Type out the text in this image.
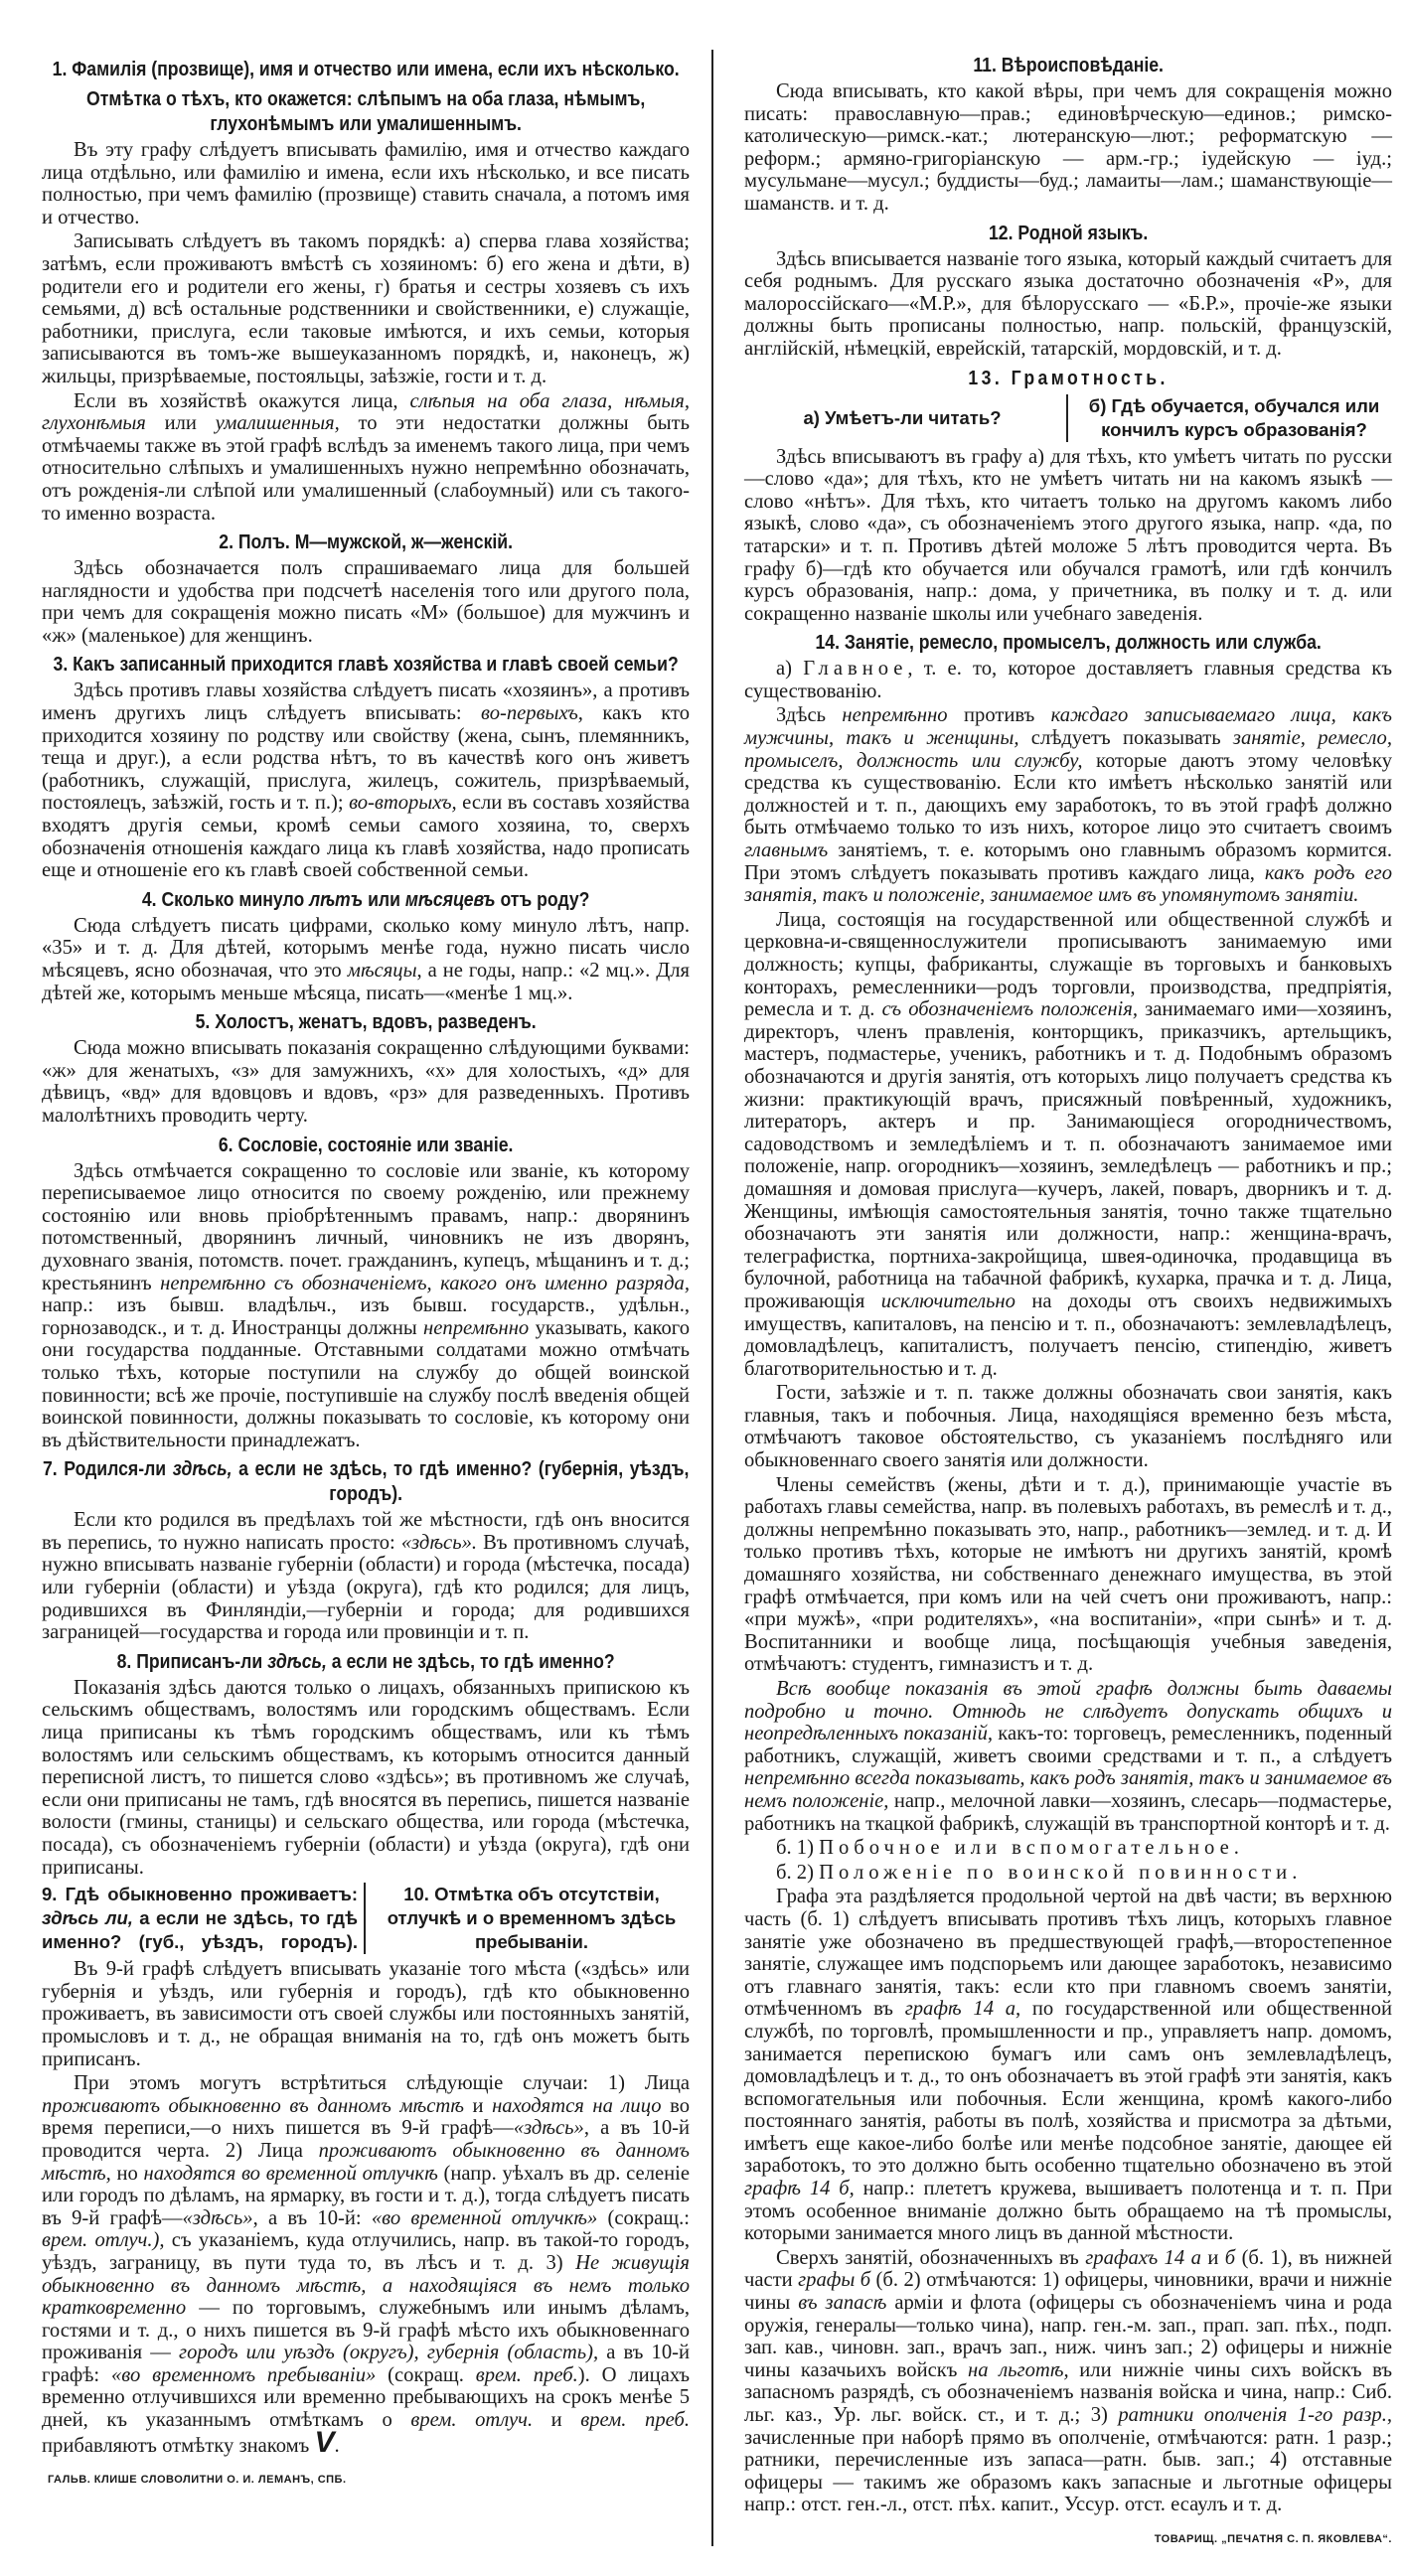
1. Фамилія (прозвище), имя и отчество или имена, если ихъ нѣсколько.
Отмѣтка о тѣхъ, кто окажется: слѣпымъ на оба глаза, нѣмымъ, глухонѣмымъ или умалишеннымъ.

Въ эту графу слѣдуетъ вписывать фамилію, имя и отчество каждаго лица отдѣльно, или фамилію и имена, если ихъ нѣсколько, и все писать полностью, при чемъ фамилію (прозвище) ставить сначала, а потомъ имя и отчество.

Записывать слѣдуетъ въ такомъ порядкѣ: а) сперва глава хозяйства; затѣмъ, если проживаютъ вмѣстѣ съ хозяиномъ: б) его жена и дѣти, в) родители его и родители его жены, г) братья и сестры хозяевъ съ ихъ семьями, д) всѣ остальные родственники и свойственники, е) служащіе, работники, прислуга, если таковые имѣются, и ихъ семьи, которыя записываются въ томъ-же вышеуказанномъ порядкѣ, и, наконецъ, ж) жильцы, призрѣваемые, постояльцы, заѣзжіе, гости и т. д.

Если въ хозяйствѣ окажутся лица, слѣпыя на оба глаза, нѣмыя, глухонѣмыя или умалишенныя, то эти недостатки должны быть отмѣчаемы также въ этой графѣ вслѣдъ за именемъ такого лица, при чемъ относительно слѣпыхъ и умалишенныхъ нужно непремѣнно обозначать, отъ рожденія-ли слѣпой или умалишенный (слабоумный) или съ такого-то именно возраста.

2. Полъ. М—мужской, ж—женскій.

Здѣсь обозначается полъ спрашиваемаго лица для большей наглядности и удобства при подсчетѣ населенія того или другого пола, при чемъ для сокращенія можно писать «М» (большое) для мужчинъ и «ж» (маленькое) для женщинъ.

3. Какъ записанный приходится главѣ хозяйства и главѣ своей семьи?

Здѣсь противъ главы хозяйства слѣдуетъ писать «хозяинъ», а противъ именъ другихъ лицъ слѣдуетъ вписывать: во-первыхъ, какъ кто приходится хозяину по родству или свойству (жена, сынъ, племянникъ, теща и друг.), а если родства нѣтъ, то въ качествѣ кого онъ живетъ (работникъ, служащій, прислуга, жилецъ, сожитель, призрѣваемый, постоялецъ, заѣзжій, гость и т. п.); во-вторыхъ, если въ составъ хозяйства входятъ другія семьи, кромѣ семьи самого хозяина, то, сверхъ обозначенія отношенія каждаго лица къ главѣ хозяйства, надо прописать еще и отношеніе его къ главѣ своей собственной семьи.

4. Сколько минуло лѣтъ или мѣсяцевъ отъ роду?

Сюда слѣдуетъ писать цифрами, сколько кому минуло лѣтъ, напр. «35» и т. д. Для дѣтей, которымъ менѣе года, нужно писать число мѣсяцевъ, ясно обозначая, что это мѣсяцы, а не годы, напр.: «2 мц.». Для дѣтей же, которымъ меньше мѣсяца, писать—«менѣе 1 мц.».

5. Холостъ, женатъ, вдовъ, разведенъ.

Сюда можно вписывать показанія сокращенно слѣдующими буквами: «ж» для женатыхъ, «з» для замужнихъ, «х» для холостыхъ, «д» для дѣвицъ, «вд» для вдовцовъ и вдовъ, «рз» для разведенныхъ. Противъ малолѣтнихъ проводить черту.

6. Сословіе, состояніе или званіе.

Здѣсь отмѣчается сокращенно то сословіе или званіе, къ которому переписываемое лицо относится по своему рожденію, или прежнему состоянію или вновь пріобрѣтеннымъ правамъ, напр.: дворянинъ потомственный, дворянинъ личный, чиновникъ не изъ дворянъ, духовнаго званія, потомств. почет. гражданинъ, купецъ, мѣщанинъ и т. д.; крестьянинъ непремѣнно съ обозначеніемъ, какого онъ именно разряда, напр.: изъ бывш. владѣльч., изъ бывш. государств., удѣльн., горнозаводск., и т. д. Иностранцы должны непремѣнно указывать, какого они государства подданные. Отставными солдатами можно отмѣчать только тѣхъ, которые поступили на службу до общей воинской повинности; всѣ же прочіе, поступившіе на службу послѣ введенія общей воинской повинности, должны показывать то сословіе, къ которому они въ дѣйствительности принадлежатъ.

7. Родился-ли здѣсь, а если не здѣсь, то гдѣ именно? (губернія, уѣздъ, городъ).

Если кто родился въ предѣлахъ той же мѣстности, гдѣ онъ вносится въ перепись, то нужно написать просто: «здѣсь». Въ противномъ случаѣ, нужно вписывать названіе губерніи (области) и города (мѣстечка, посада) или губерніи (области) и уѣзда (округа), гдѣ кто родился; для лицъ, родившихся въ Финляндіи,—губерніи и города; для родившихся заграницей—государства и города или провинціи и т. п.

8. Приписанъ-ли здѣсь, а если не здѣсь, то гдѣ именно?

Показанія здѣсь даются только о лицахъ, обязанныхъ припискою къ сельскимъ обществамъ, волостямъ или городскимъ обществамъ. Если лица приписаны къ тѣмъ городскимъ обществамъ, или къ тѣмъ волостямъ или сельскимъ обществамъ, къ которымъ относится данный переписной листъ, то пишется слово «здѣсь»; въ противномъ же случаѣ, если они приписаны не тамъ, гдѣ вносятся въ перепись, пишется названіе волости (гмины, станицы) и сельскаго общества, или города (мѣстечка, посада), съ обозначеніемъ губерніи (области) и уѣзда (округа), гдѣ они приписаны.

9. Гдѣ обыкновенно проживаетъ: здѣсь ли, а если не здѣсь, то гдѣ именно? (губ., уѣздъ, городъ).
10. Отмѣтка объ отсутствіи, отлучкѣ и о временномъ здѣсь пребываніи.

Въ 9-й графѣ слѣдуетъ вписывать указаніе того мѣста («здѣсь» или губернія и уѣздъ, или губернія и городъ), гдѣ кто обыкновенно проживаетъ, въ зависимости отъ своей службы или постоянныхъ занятій, промысловъ и т. д., не обращая вниманія на то, гдѣ онъ можетъ быть приписанъ.

При этомъ могутъ встрѣтиться слѣдующіе случаи: 1) Лица проживаютъ обыкновенно въ данномъ мѣстѣ и находятся на лицо во время переписи,—о нихъ пишется въ 9-й графѣ—«здѣсь», а въ 10-й проводится черта. 2) Лица проживаютъ обыкновенно въ данномъ мѣстѣ, но находятся во временной отлучкѣ (напр. уѣхалъ въ др. селеніе или городъ по дѣламъ, на ярмарку, въ гости и т. д.), тогда слѣдуетъ писать въ 9-й графѣ—«здѣсь», а въ 10-й: «во временной отлучкѣ» (сокращ.: врем. отлуч.), съ указаніемъ, куда отлучились, напр. въ такой-то городъ, уѣздъ, заграницу, въ пути туда то, въ лѣсъ и т. д. 3) Не живущія обыкновенно въ данномъ мѣстѣ, а находящіяся въ немъ только кратковременно — по торговымъ, служебнымъ или инымъ дѣламъ, гостями и т. д., о нихъ пишется въ 9-й графѣ мѣсто ихъ обыкновеннаго проживанія — городъ или уѣздъ (округъ), губернія (область), а въ 10-й графѣ: «во временномъ пребываніи» (сокращ. врем. преб.). О лицахъ временно отлучившихся или временно пребывающихъ на срокъ менѣе 5 дней, къ указаннымъ отмѣткамъ о врем. отлуч. и врем. преб. прибавляютъ отмѣтку знакомъ V.

ГАЛЬВ. КЛИШЕ СЛОВОЛИТНИ О. И. ЛЕМАНЪ, СПБ.
11. Вѣроисповѣданіе.

Сюда вписывать, кто какой вѣры, при чемъ для сокращенія можно писать: православную—прав.; единовѣрческую—единов.; римско-католическую—римск.-кат.; лютеранскую—лют.; реформатскую — реформ.; армяно-григоріанскую — арм.-гр.; іудейскую — іуд.; мусульмане—мусул.; буддисты—буд.; ламаиты—лам.; шаманствующіе— шаманств. и т. д.

12. Родной языкъ.

Здѣсь вписывается названіе того языка, который каждый считаетъ для себя роднымъ. Для русскаго языка достаточно обозначенія «Р», для малороссійскаго—«М.Р.», для бѣлорусскаго — «Б.Р.», прочіе-же языки должны быть прописаны полностью, напр. польскій, французскій, англійскій, нѣмецкій, еврейскій, татарскій, мордовскій, и т. д.

13. Грамотность.
а) Умѣетъ-ли читать?
б) Гдѣ обучается, обучался или кончилъ курсъ образованія?

Здѣсь вписываютъ въ графу а) для тѣхъ, кто умѣетъ читать по русски—слово «да»; для тѣхъ, кто не умѣетъ читать ни на какомъ языкѣ — слово «нѣтъ». Для тѣхъ, кто читаетъ только на другомъ какомъ либо языкѣ, слово «да», съ обозначеніемъ этого другого языка, напр. «да, по татарски» и т. п. Противъ дѣтей моложе 5 лѣтъ проводится черта. Въ графу б)—гдѣ кто обучается или обучался грамотѣ, или гдѣ кончилъ курсъ образованія, напр.: дома, у причетника, въ полку и т. д. или сокращенно названіе школы или учебнаго заведенія.

14. Занятіе, ремесло, промыселъ, должность или служба.

а) Главное, т. е. то, которое доставляетъ главныя средства къ существованію.

Здѣсь непремѣнно противъ каждаго записываемаго лица, какъ мужчины, такъ и женщины, слѣдуетъ показывать занятіе, ремесло, промыселъ, должность или службу, которые даютъ этому человѣку средства къ существованію. Если кто имѣетъ нѣсколько занятій или должностей и т. п., дающихъ ему заработокъ, то въ этой графѣ должно быть отмѣчаемо только то изъ нихъ, которое лицо это считаетъ своимъ главнымъ занятіемъ, т. е. которымъ оно главнымъ образомъ кормится. При этомъ слѣдуетъ показывать противъ каждаго лица, какъ родъ его занятія, такъ и положеніе, занимаемое имъ въ упомянутомъ занятіи.

Лица, состоящія на государственной или общественной службѣ и церковна-и-священнослужители прописываютъ занимаемую ими должность; купцы, фабриканты, служащіе въ торговыхъ и банковыхъ конторахъ, ремесленники—родъ торговли, производства, предпріятія, ремесла и т. д. съ обозначеніемъ положенія, занимаемаго ими—хозяинъ, директоръ, членъ правленія, конторщикъ, приказчикъ, артельщикъ, мастеръ, подмастерье, ученикъ, работникъ и т. д. Подобнымъ образомъ обозначаются и другія занятія, отъ которыхъ лицо получаетъ средства къ жизни: практикующій врачъ, присяжный повѣренный, художникъ, литераторъ, актеръ и пр. Занимающіеся огородничествомъ, садоводствомъ и земледѣліемъ и т. п. обозначаютъ занимаемое ими положеніе, напр. огородникъ—хозяинъ, земледѣлецъ — работникъ и пр.; домашняя и домовая прислуга—кучеръ, лакей, поваръ, дворникъ и т. д. Женщины, имѣющія самостоятельныя занятія, точно также тщательно обозначаютъ эти занятія или должности, напр.: женщина-врачъ, телеграфистка, портниха-закройщица, швея-одиночка, продавщица въ булочной, работница на табачной фабрикѣ, кухарка, прачка и т. д. Лица, проживающія исключительно на доходы отъ своихъ недвижимыхъ имуществъ, капиталовъ, на пенсію и т. п., обозначаютъ: землевладѣлецъ, домовладѣлецъ, капиталистъ, получаетъ пенсію, стипендію, живетъ благотворительностью и т. д.

Гости, заѣзжіе и т. п. также должны обозначать свои занятія, какъ главныя, такъ и побочныя. Лица, находящіяся временно безъ мѣста, отмѣчаютъ таковое обстоятельство, съ указаніемъ послѣдняго или обыкновеннаго своего занятія или должности.

Члены семействъ (жены, дѣти и т. д.), принимающіе участіе въ работахъ главы семейства, напр. въ полевыхъ работахъ, въ ремеслѣ и т. д., должны непремѣнно показывать это, напр., работникъ—землед. и т. д. И только противъ тѣхъ, которые не имѣютъ ни другихъ занятій, кромѣ домашняго хозяйства, ни собственнаго денежнаго имущества, въ этой графѣ отмѣчается, при комъ или на чей счетъ они проживаютъ, напр.: «при мужѣ», «при родителяхъ», «на воспитаніи», «при сынѣ» и т. д. Воспитанники и вообще лица, посѣщающія учебныя заведенія, отмѣчаютъ: студентъ, гимназистъ и т. д.

Всѣ вообще показанія въ этой графѣ должны быть даваемы подробно и точно. Отнюдь не слѣдуетъ допускать общихъ и неопредѣленныхъ показаній, какъ-то: торговецъ, ремесленникъ, поденный работникъ, служащій, живетъ своими средствами и т. п., а слѣдуетъ непремѣнно всегда показывать, какъ родъ занятія, такъ и занимаемое въ немъ положеніе, напр., мелочной лавки—хозяинъ, слесарь—подмастерье, работникъ на ткацкой фабрикѣ, служащій въ транспортной конторѣ и т. д.

б. 1) Побочное или вспомогательное.

б. 2) Положеніе по воинской повинности.

Графа эта раздѣляется продольной чертой на двѣ части; въ верхнюю часть (б. 1) слѣдуетъ вписывать противъ тѣхъ лицъ, которыхъ главное занятіе уже обозначено въ предшествующей графѣ,—второстепенное занятіе, служащее имъ подспорьемъ или дающее заработокъ, независимо отъ главнаго занятія, такъ: если кто при главномъ своемъ занятіи, отмѣченномъ въ графѣ 14 а, по государственной или общественной службѣ, по торговлѣ, промышленности и пр., управляетъ напр. домомъ, занимается перепискою бумагъ или самъ онъ землевладѣлецъ, домовладѣлецъ и т. д., то онъ обозначаетъ въ этой графѣ эти занятія, какъ вспомогательныя или побочныя. Если женщина, кромѣ какого-либо постояннаго занятія, работы въ полѣ, хозяйства и присмотра за дѣтьми, имѣетъ еще какое-либо болѣе или менѣе подсобное занятіе, дающее ей заработокъ, то это должно быть особенно тщательно обозначено въ этой графѣ 14 б, напр.: плететъ кружева, вышиваетъ полотенца и т. п. При этомъ особенное вниманіе должно быть обращаемо на тѣ промыслы, которыми занимается много лицъ въ данной мѣстности.

Сверхъ занятій, обозначенныхъ въ графахъ 14 а и б (б. 1), въ нижней части графы б (б. 2) отмѣчаются: 1) офицеры, чиновники, врачи и нижніе чины въ запасѣ арміи и флота (офицеры съ обозначеніемъ чина и рода оружія, генералы—только чина), напр. ген.-м. зап., прап. зап. пѣх., подп. зап. кав., чиновн. зап., врачъ зап., ниж. чинъ зап.; 2) офицеры и нижніе чины казачьихъ войскъ на льготѣ, или нижніе чины сихъ войскъ въ запасномъ разрядѣ, съ обозначеніемъ названія войска и чина, напр.: Сиб. льг. каз., Ур. льг. войск. ст., и т. д.; 3) ратники ополченія 1-го разр., зачисленные при наборѣ прямо въ ополченіе, отмѣчаются: ратн. 1 разр.; ратники, перечисленные изъ запаса—ратн. быв. зап.; 4) отставные офицеры — такимъ же образомъ какъ запасные и льготные офицеры напр.: отст. ген.-л., отст. пѣх. капит., Уссур. отст. есаулъ и т. д.

ТОВАРИЩ. „ПЕЧАТНЯ С. П. ЯКОВЛЕВА“.
